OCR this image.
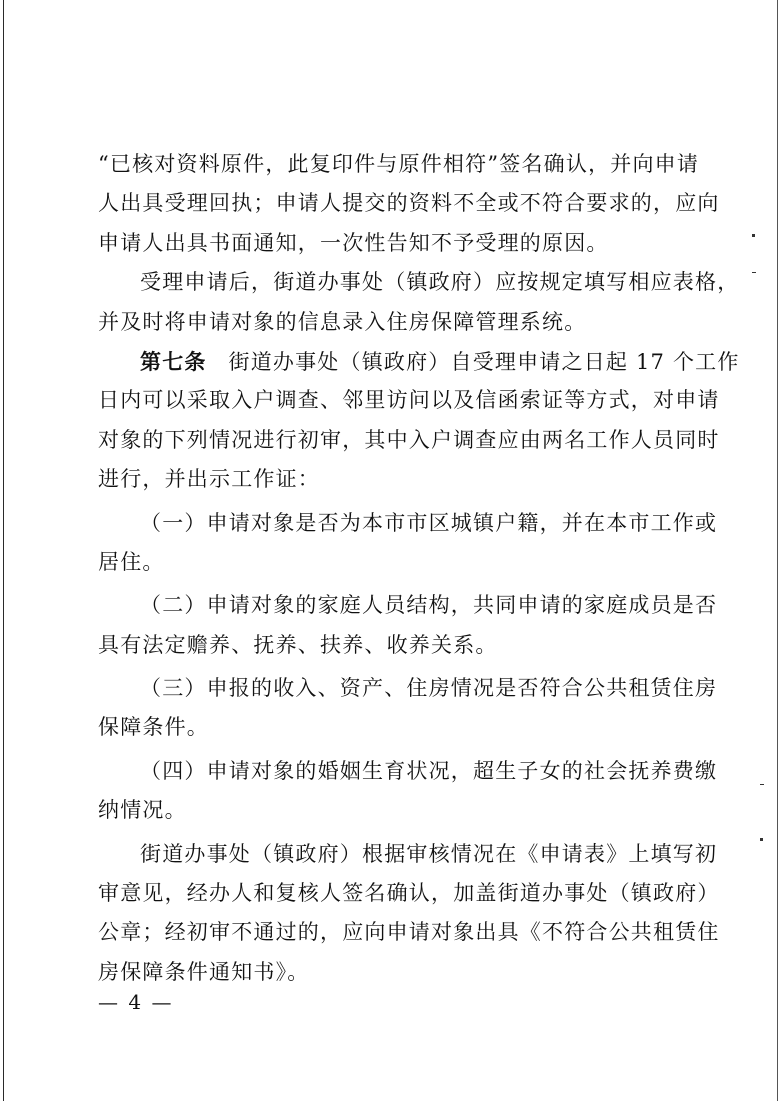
“已核对资料原件，此复印件与原件相符”签名确认，并向申请
人出具受理回执；申请人提交的资料不全或不符合要求的，应向
申请人出具书面通知，一次性告知不予受理的原因。
受理申请后，街道办事处（镇政府）应按规定填写相应表格，
并及时将申请对象的信息录入住房保障管理系统。
第七条 街道办事处（镇政府）自受理申请之日起 17 个工作
日内可以采取入户调查、邻里访问以及信函索证等方式，对申请
对象的下列情况进行初审，其中入户调查应由两名工作人员同时
进行，并出示工作证：
（一）申请对象是否为本市市区城镇户籍，并在本市工作或
居住。
（二）申请对象的家庭人员结构，共同申请的家庭成员是否
具有法定赡养、抚养、扶养、收养关系。
（三）申报的收入、资产、住房情况是否符合公共租赁住房
保障条件。
（四）申请对象的婚姻生育状况，超生子女的社会抚养费缴
纳情况。
街道办事处（镇政府）根据审核情况在《申请表》上填写初
审意见，经办人和复核人签名确认，加盖街道办事处（镇政府）
公章；经初审不通过的，应向申请对象出具《不符合公共租赁住
房保障条件通知书》。
— 4 —
